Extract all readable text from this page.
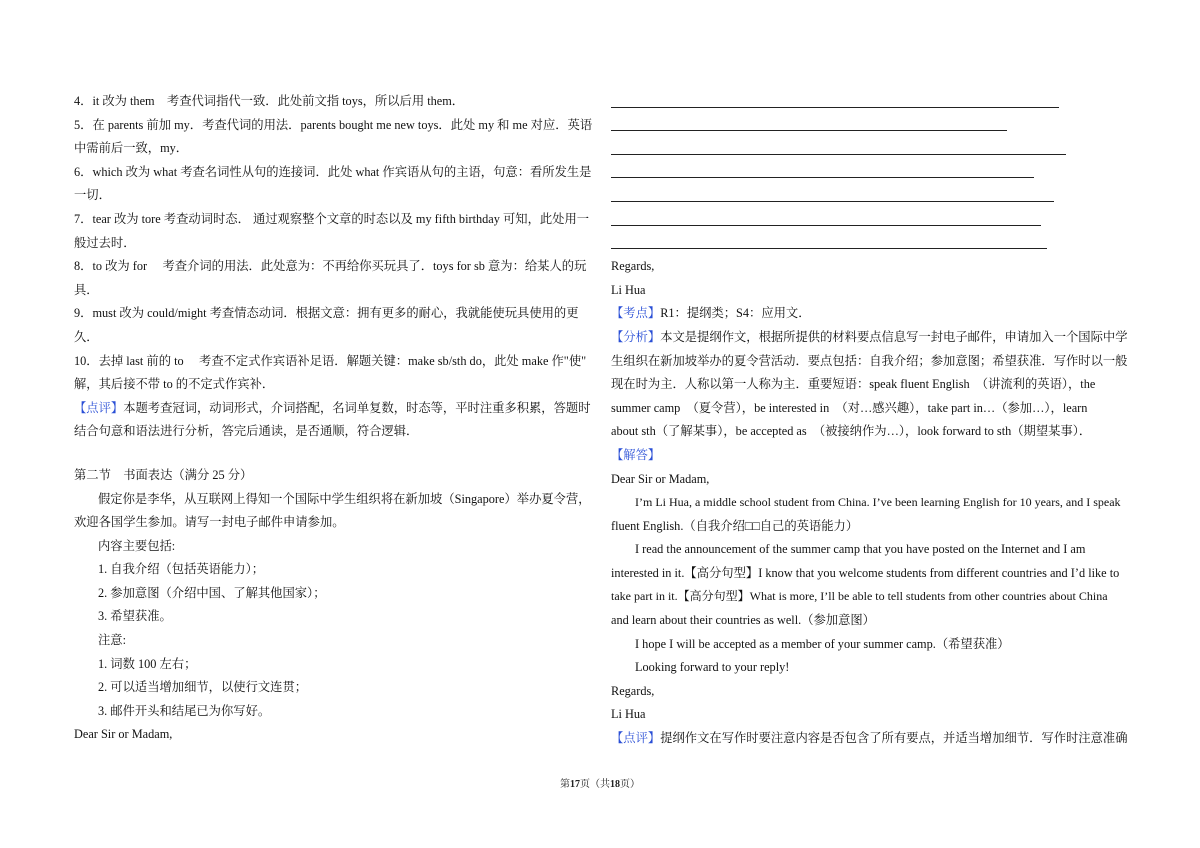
4．it 改为 them　考查代词指代一致．此处前文指 toys，所以后用 them．
5．在 parents 前加 my．考查代词的用法．parents bought me new toys．此处 my 和 me 对应．英语
中需前后一致，my．
6．which 改为 what 考查名词性从句的连接词．此处 what 作宾语从句的主语，句意：看所发生是
一切．
7．tear 改为 tore 考查动词时态． 通过观察整个文章的时态以及 my fifth birthday 可知，此处用一
般过去时．
8．to 改为 for　 考查介词的用法．此处意为：不再给你买玩具了．toys for sb 意为：给某人的玩
具．
9．must 改为 could/might 考查情态动词．根据文意：拥有更多的耐心，我就能使玩具使用的更
久．
10．去掉 last 前的 to　 考查不定式作宾语补足语．解题关键：make sb/sth do，此处 make 作"使"
解，其后接不带 to 的不定式作宾补．
【点评】本题考查冠词，动词形式，介词搭配，名词单复数，时态等，平时注重多积累，答题时
结合句意和语法进行分析，答完后通读，是否通顺，符合逻辑．
第二节　书面表达（满分 25 分）
假定你是李华，从互联网上得知一个国际中学生组织将在新加坡（Singapore）举办夏令营，
欢迎各国学生参加。请写一封电子邮件申请参加。
内容主要包括:
1. 自我介绍（包括英语能力）；
2. 参加意图（介绍中国、了解其他国家）；
3. 希望获准。
注意:
1. 词数 100 左右；
2. 可以适当增加细节，以使行文连贯；
3. 邮件开头和结尾已为你写好。
Dear Sir or Madam,
Regards,
Li Hua
【考点】R1：提纲类；S4：应用文．
【分析】本文是提纲作文，根据所提供的材料要点信息写一封电子邮件，申请加入一个国际中学
生组织在新加坡举办的夏令营活动．要点包括：自我介绍；参加意图；希望获准．写作时以一般
现在时为主．人称以第一人称为主．重要短语：speak fluent English　（讲流利的英语），the
summer camp　（夏令营），be interested in　（对…感兴趣），take part in…（参加…），learn
about sth（了解某事），be accepted as　（被接纳作为…），look forward to sth（期望某事）．
【解答】
Dear Sir or Madam,
I’m Li Hua, a middle school student from China. I’ve been learning English for 10 years, and I speak
fluent English.（自我介绍□□自己的英语能力）
I read the announcement of the summer camp that you have posted on the Internet and I am
interested in it.【高分句型】I know that you welcome students from different countries and I’d like to
take part in it.【高分句型】What is more, I’ll be able to tell students from other countries about China
and learn about their countries as well.（参加意图）
I hope I will be accepted as a member of your summer camp.（希望获准）
Looking forward to your reply!
Regards,
Li Hua
【点评】提纲作文在写作时要注意内容是否包含了所有要点，并适当增加细节．写作时注意准确
第17页（共18页）
